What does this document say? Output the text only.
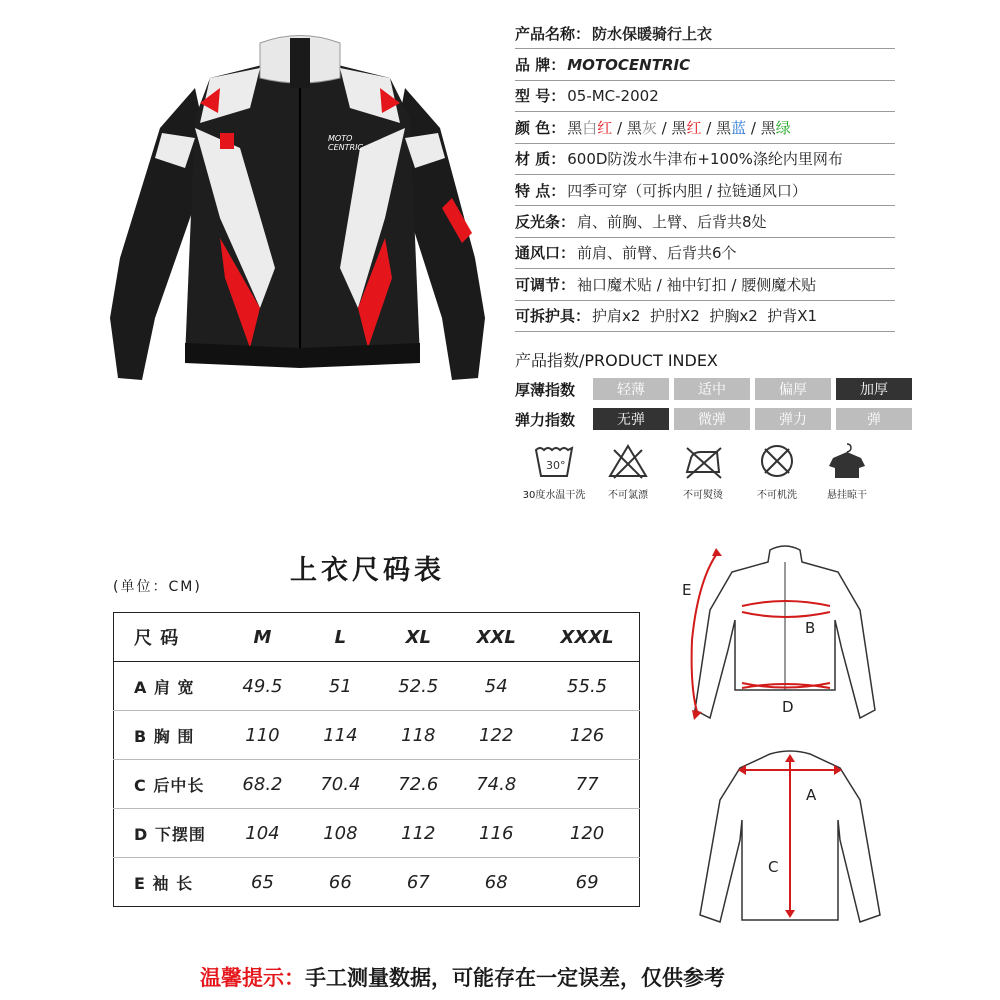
MOTO
CENTRIC
产品名称： 防水保暖骑行上衣
品 牌： MOTOCENTRIC
型 号： 05-MC-2002
颜 色： 黑白红 / 黑灰 / 黑红 / 黑蓝 / 黑绿
材 质： 600D防泼水牛津布+100%涤纶内里网布
特 点： 四季可穿（可拆内胆 / 拉链通风口）
反光条： 肩、前胸、上臂、后背共8处
通风口： 前肩、前臂、后背共6个
可调节： 袖口魔术贴 / 袖中钉扣 / 腰侧魔术贴
可拆护具： 护肩x2  护肘X2  护胸x2  护背X1
产品指数/PRODUCT INDEX
厚薄指数	轻薄	适中	偏厚	加厚
弹力指数	无弹	微弹	弹力	弹
30°
30度水温干洗	不可氯漂	不可熨烫	不可机洗	悬挂晾干
上衣尺码表
(单位：CM)
尺 码	M	L	XL	XXL	XXXL
A 肩 宽	49.5	51	52.5	54	55.5
B 胸 围	110	114	118	122	126
C 后中长	68.2	70.4	72.6	74.8	77
D 下摆围	104	108	112	116	120
E 袖 长	65	66	67	68	69
E
B
D
A
C
温馨提示：手工测量数据，可能存在一定误差，仅供参考
